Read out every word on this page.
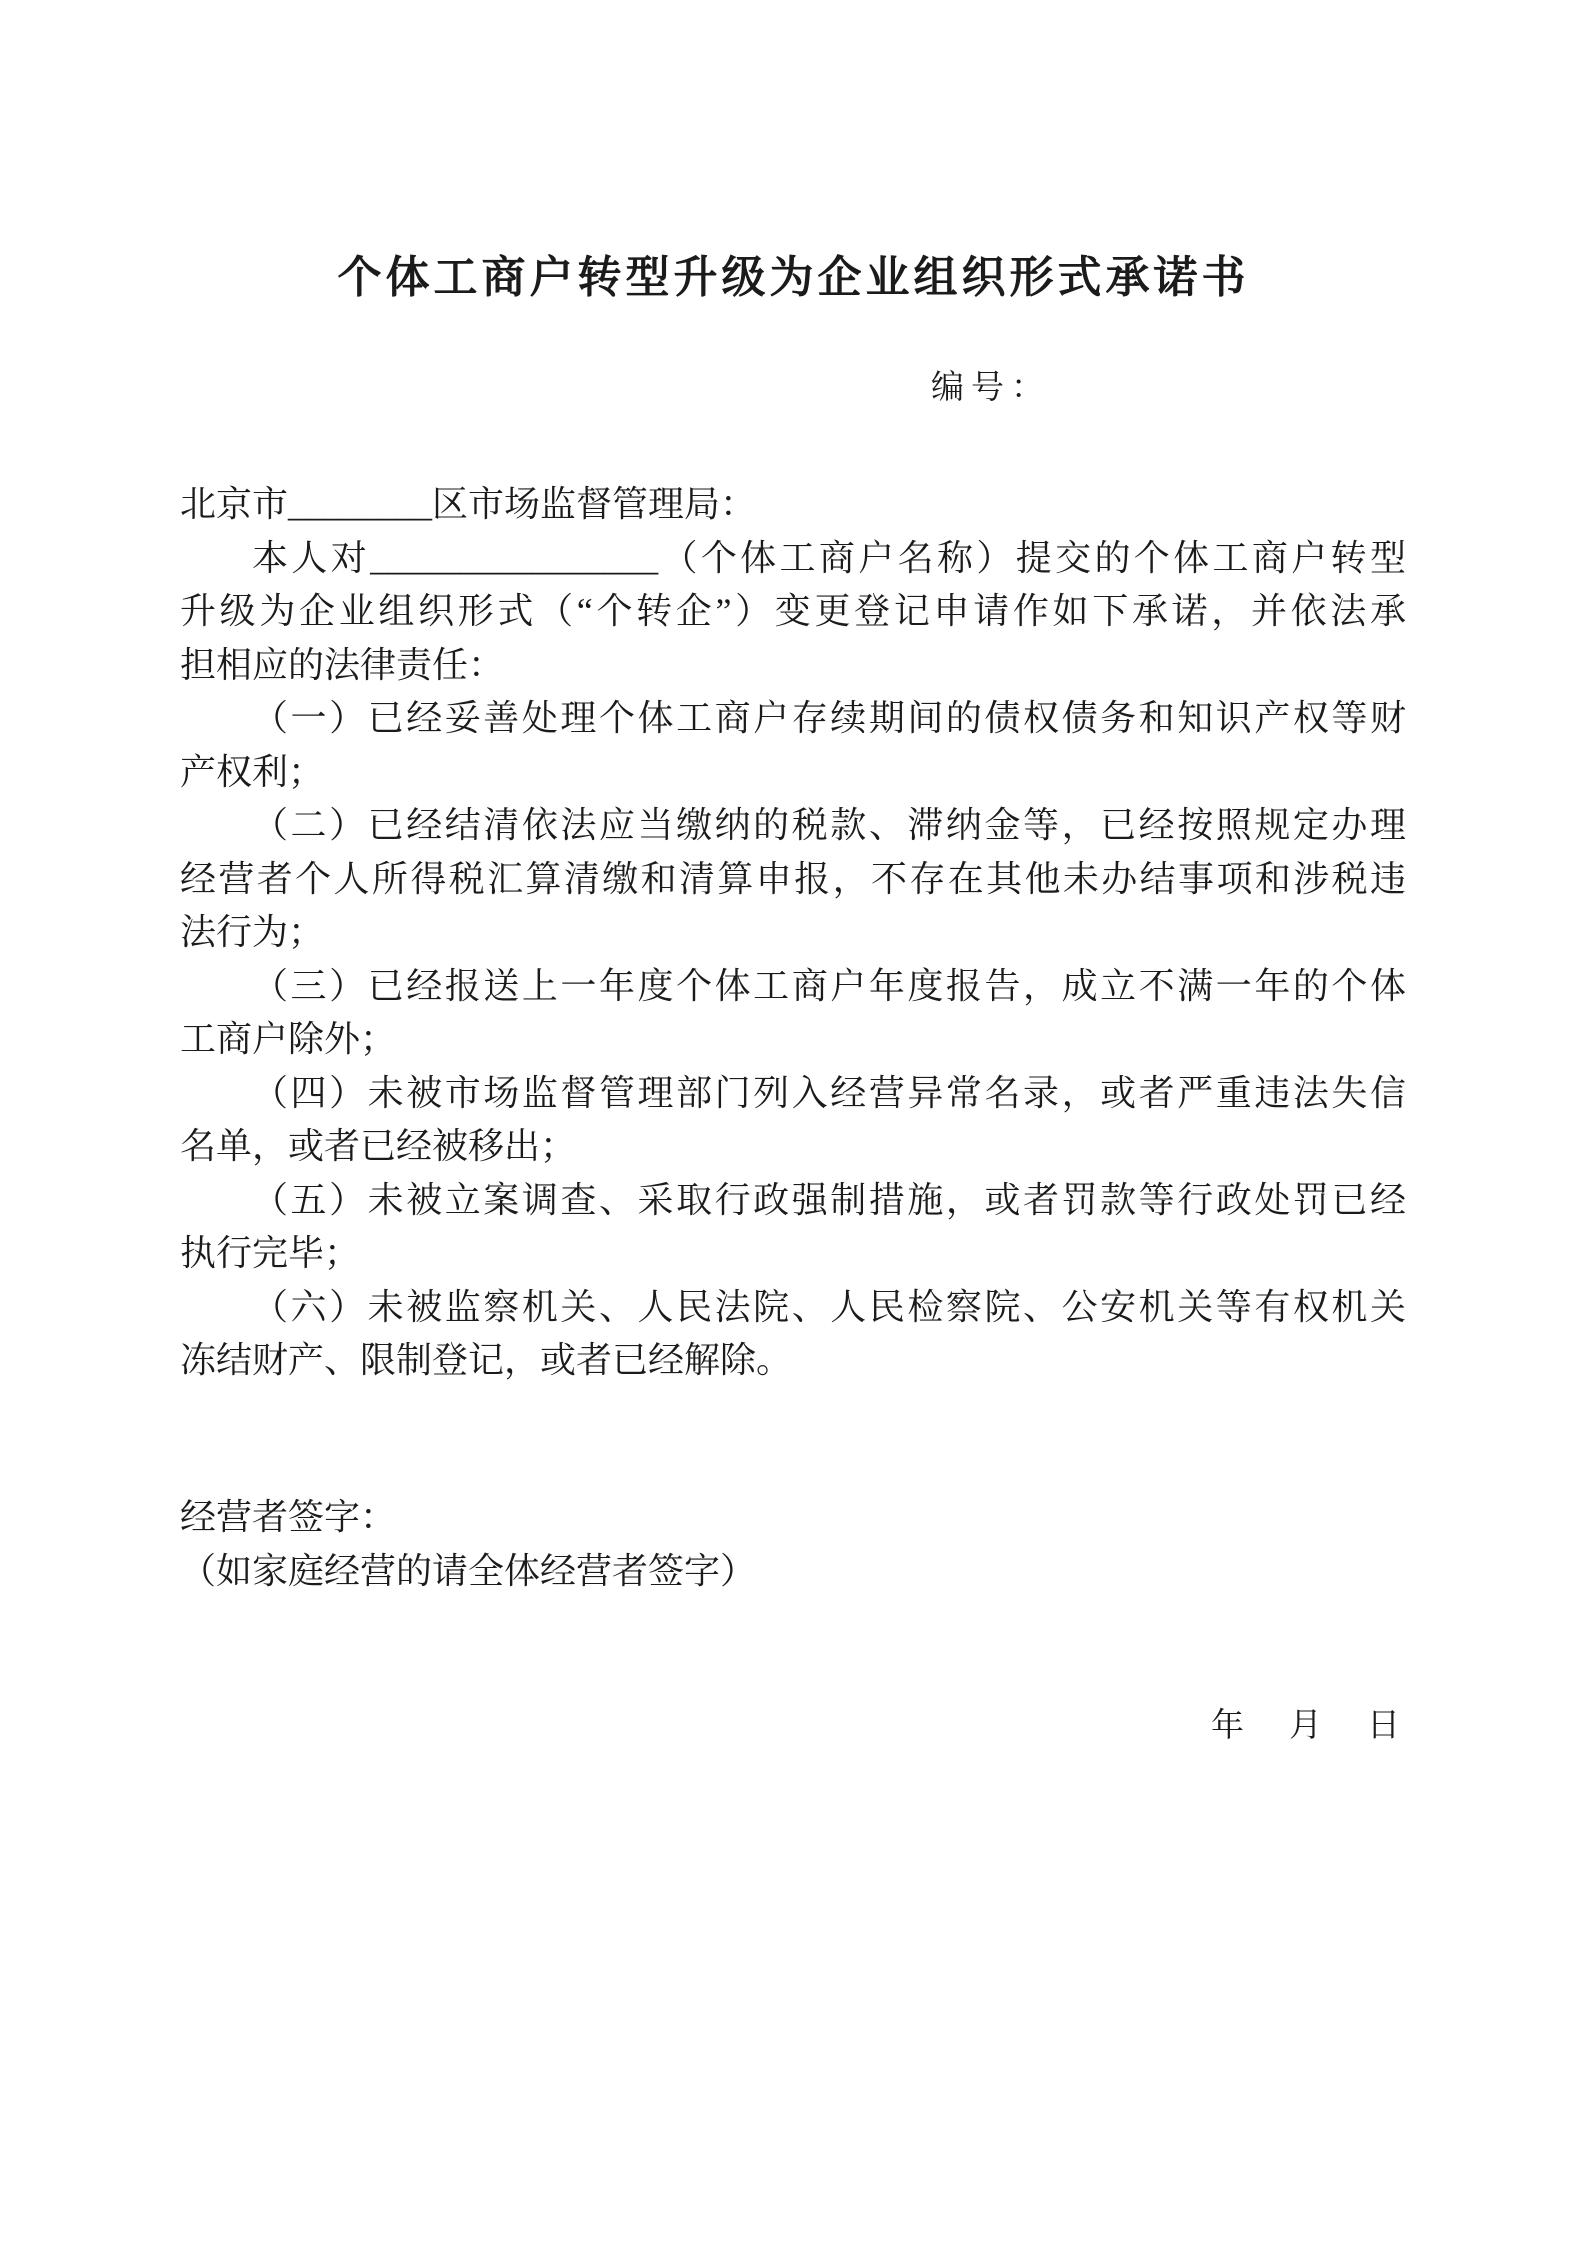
个体工商户转型升级为企业组织形式承诺书
编号：
北京市________区市场监督管理局：
本人对________________（个体工商户名称）提交的个体工商户转型
升级为企业组织形式（“个转企”）变更登记申请作如下承诺，并依法承
担相应的法律责任：
（一）已经妥善处理个体工商户存续期间的债权债务和知识产权等财
产权利；
（二）已经结清依法应当缴纳的税款、滞纳金等，已经按照规定办理
经营者个人所得税汇算清缴和清算申报，不存在其他未办结事项和涉税违
法行为；
（三）已经报送上一年度个体工商户年度报告，成立不满一年的个体
工商户除外；
（四）未被市场监督管理部门列入经营异常名录，或者严重违法失信
名单，或者已经被移出；
（五）未被立案调查、采取行政强制措施，或者罚款等行政处罚已经
执行完毕；
（六）未被监察机关、人民法院、人民检察院、公安机关等有权机关
冻结财产、限制登记，或者已经解除。
经营者签字：
（如家庭经营的请全体经营者签字）
年　月　日
